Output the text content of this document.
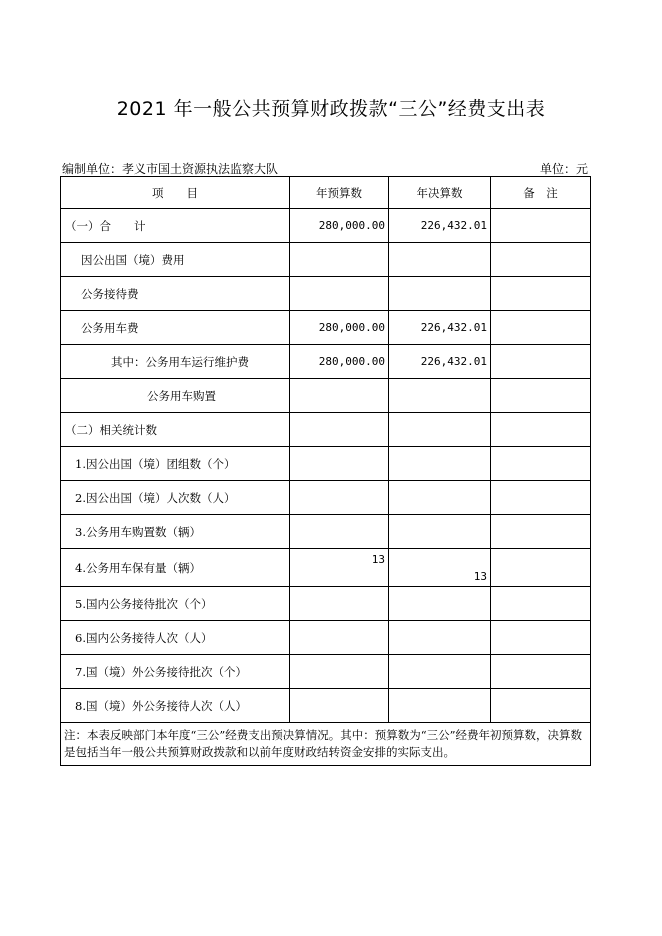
2021 年一般公共预算财政拨款“三公”经费支出表
编制单位：孝义市国土资源执法监察大队	单位：元
项　　目	年预算数	年决算数	备　注
（一）合　　计	280,000.00	226,432.01	
因公出国（境）费用			
公务接待费			
公务用车费	280,000.00	226,432.01	
其中：公务用车运行维护费	280,000.00	226,432.01	
公务用车购置			
（二）相关统计数			
1.因公出国（境）团组数（个）			
2.因公出国（境）人次数（人）			
3.公务用车购置数（辆）			
4.公务用车保有量（辆）	13	13	
5.国内公务接待批次（个）			
6.国内公务接待人次（人）			
7.国（境）外公务接待批次（个）			
8.国（境）外公务接待人次（人）			
注：本表反映部门本年度“三公”经费支出预决算情况。其中：预算数为“三公”经费年初预算数，决算数是包括当年一般公共预算财政拨款和以前年度财政结转资金安排的实际支出。			
